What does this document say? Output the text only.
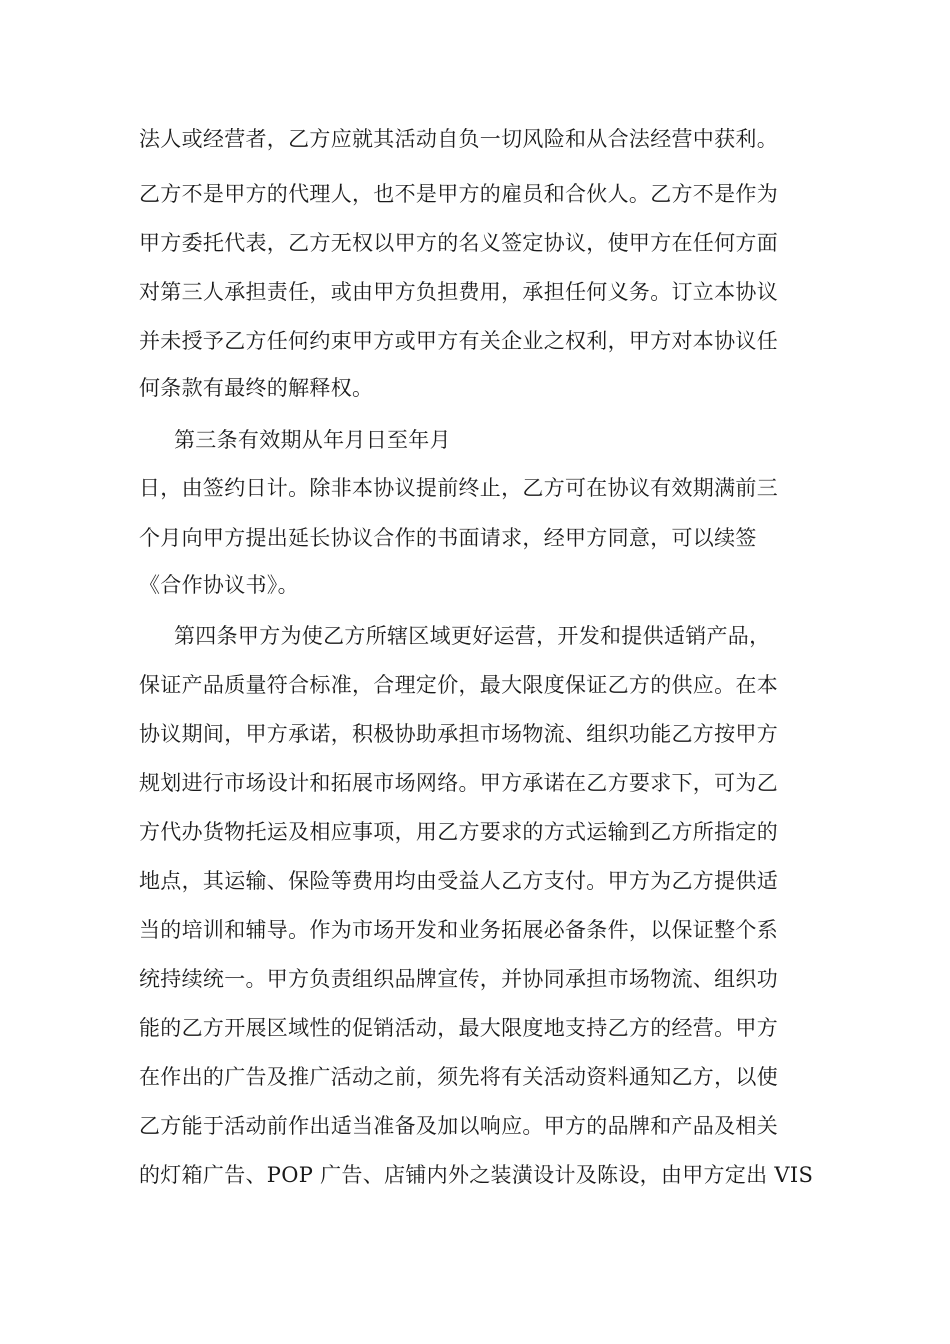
法人或经营者，乙方应就其活动自负一切风险和从合法经营中获利。
乙方不是甲方的代理人，也不是甲方的雇员和合伙人。乙方不是作为
甲方委托代表，乙方无权以甲方的名义签定协议，使甲方在任何方面
对第三人承担责任，或由甲方负担费用，承担任何义务。订立本协议
并未授予乙方任何约束甲方或甲方有关企业之权利，甲方对本协议任
何条款有最终的解释权。
第三条有效期从年月日至年月
日，由签约日计。除非本协议提前终止，乙方可在协议有效期满前三
个月向甲方提出延长协议合作的书面请求，经甲方同意，可以续签
《合作协议书》。
第四条甲方为使乙方所辖区域更好运营，开发和提供适销产品，
保证产品质量符合标准，合理定价，最大限度保证乙方的供应。在本
协议期间，甲方承诺，积极协助承担市场物流、组织功能乙方按甲方
规划进行市场设计和拓展市场网络。甲方承诺在乙方要求下，可为乙
方代办货物托运及相应事项，用乙方要求的方式运输到乙方所指定的
地点，其运输、保险等费用均由受益人乙方支付。甲方为乙方提供适
当的培训和辅导。作为市场开发和业务拓展必备条件，以保证整个系
统持续统一。甲方负责组织品牌宣传，并协同承担市场物流、组织功
能的乙方开展区域性的促销活动，最大限度地支持乙方的经营。甲方
在作出的广告及推广活动之前，须先将有关活动资料通知乙方，以使
乙方能于活动前作出适当准备及加以响应。甲方的品牌和产品及相关
的灯箱广告、POP 广告、店铺内外之装潢设计及陈设，由甲方定出 VIS
